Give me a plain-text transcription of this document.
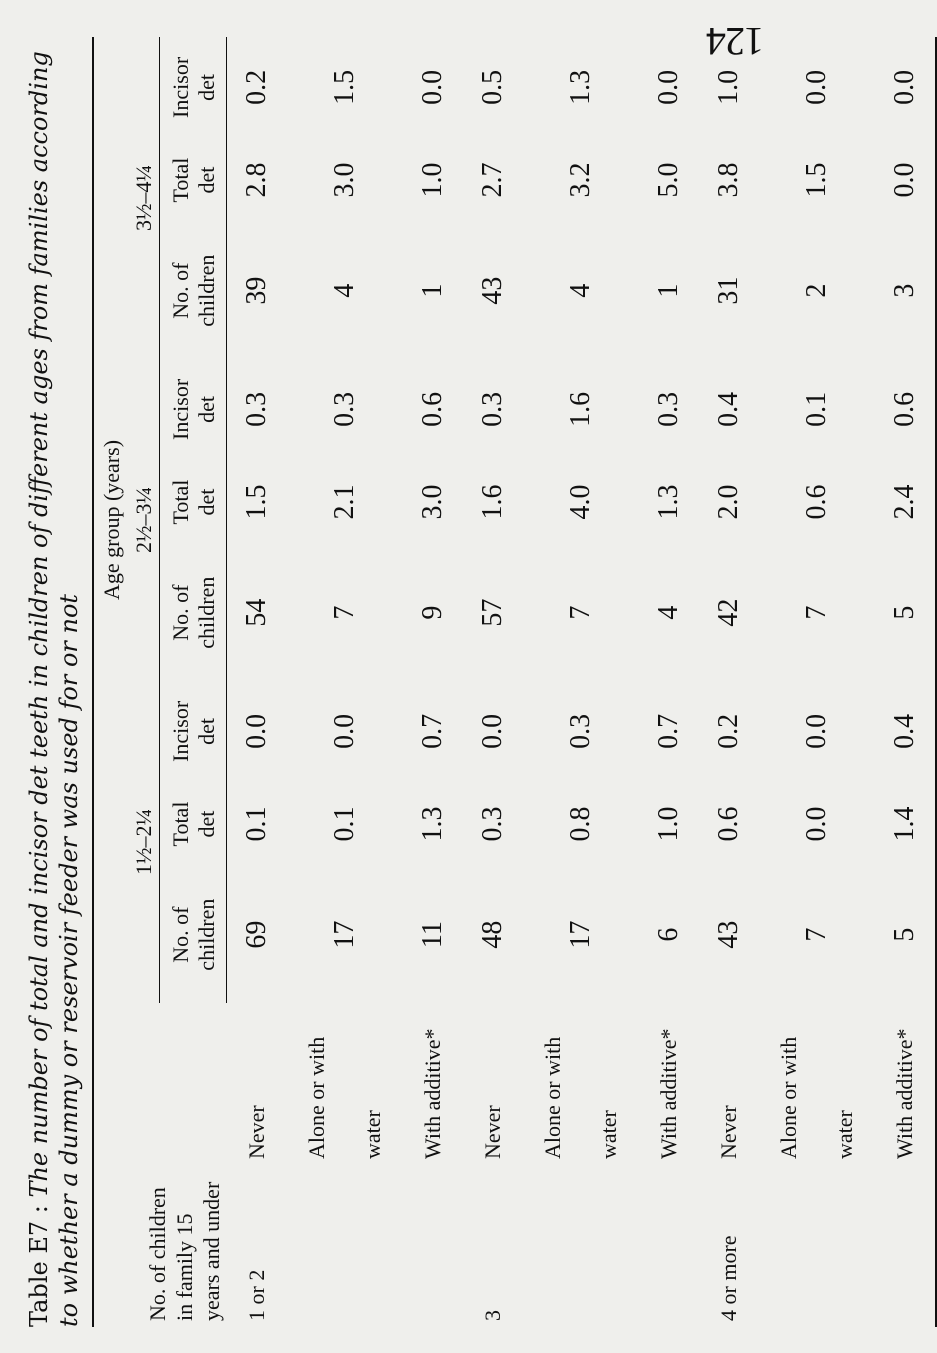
124

Table E7 : The number of total and incisor det teeth in children of different ages from families according to whether a dummy or reservoir feeder was used for or not	No. of children in family 15 years and under		Age group (years)								
		1½–2¼			2½–3¼			3½–4¼		
		No. of children	Total det	Incisor det	No. of children	Total det	Incisor det	No. of children	Total det	Incisor det
1 or 2	Never	69	0.1	0.0	54	1.5	0.3	39	2.8	0.2
	Alone or with water	17	0.1	0.0	7	2.1	0.3	4	3.0	1.5
	With additive*	11	1.3	0.7	9	3.0	0.6	1	1.0	0.0
3	Never	48	0.3	0.0	57	1.6	0.3	43	2.7	0.5
	Alone or with water	17	0.8	0.3	7	4.0	1.6	4	3.2	1.3
	With additive*	6	1.0	0.7	4	1.3	0.3	1	5.0	0.0
4 or more	Never	43	0.6	0.2	42	2.0	0.4	31	3.8	1.0
	Alone or with water	7	0.0	0.0	7	0.6	0.1	2	1.5	0.0
	With additive*	5	1.4	0.4	5	2.4	0.6	3	0.0	0.0
